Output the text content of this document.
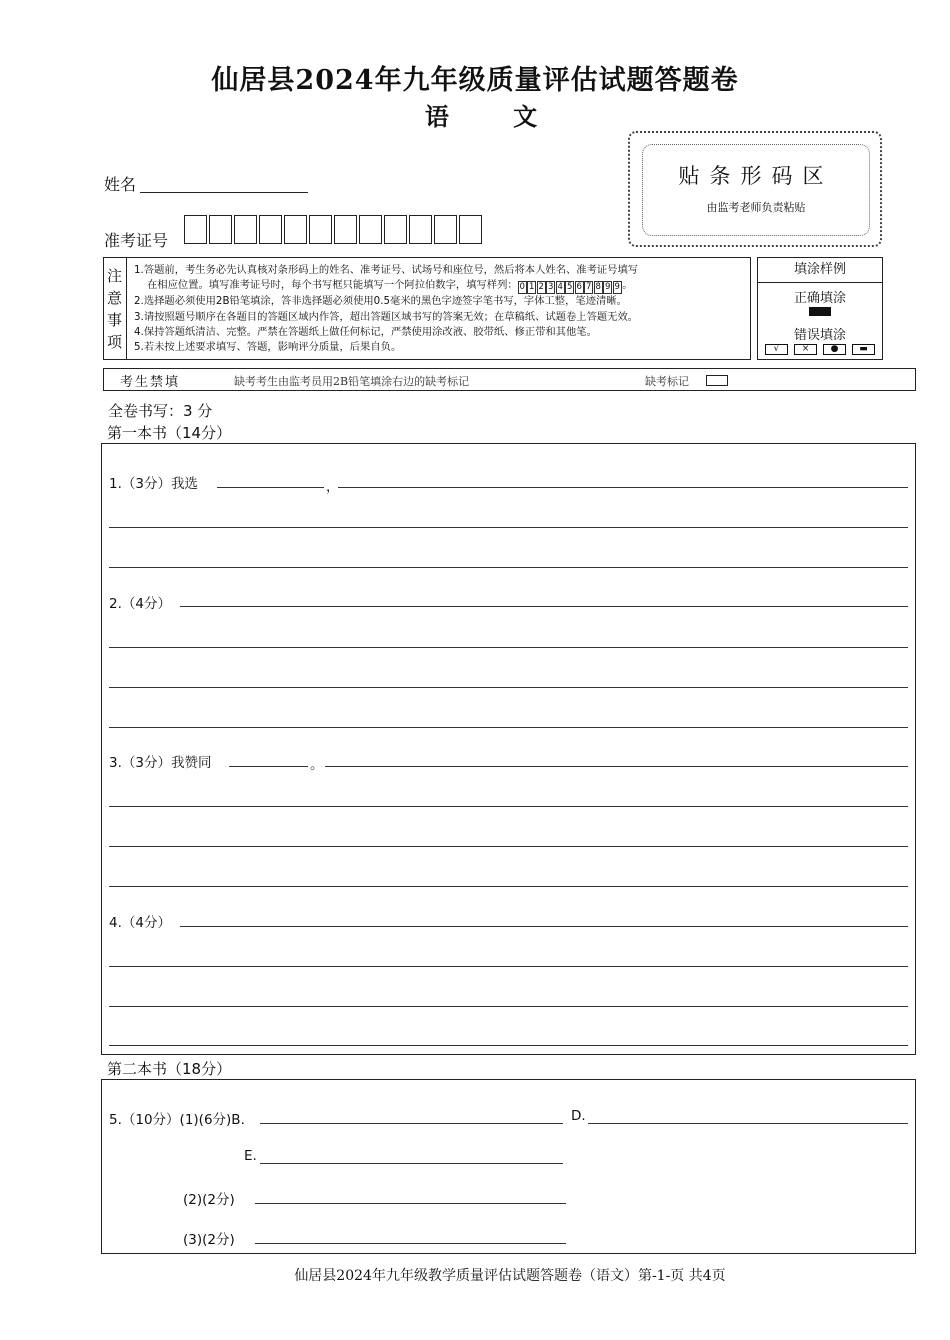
仙居县2024年九年级质量评估试题答题卷
语 文
贴条形码区
由监考老师负责粘贴
姓名
准考证号
注
意
事
项
1.答题前，考生务必先认真核对条形码上的姓名、准考证号、试场号和座位号，然后将本人姓名、准考证号填写
在相应位置。填写准考证号时，每个书写框只能填写一个阿拉伯数字，填写样列： 0 1 2 3 4 5 6 7 8 9 9 。
2.选择题必须使用2B铅笔填涂，答非选择题必须使用0.5毫米的黑色字迹签字笔书写，字体工整，笔迹清晰。
3.请按照题号顺序在各题目的答题区域内作答，超出答题区域书写的答案无效；在草稿纸、试题卷上答题无效。
4.保持答题纸清洁、完整。严禁在答题纸上做任何标记，严禁使用涂改液、胶带纸、修正带和其他笔。
5.若未按上述要求填写、答题，影响评分质量，后果自负。
填涂样例
正确填涂
错误填涂
√	×	●	▬
考生禁填	缺考考生由监考员用2B铅笔填涂右边的缺考标记	缺考标记
全卷书写：3 分
第一本书（14分）
1.（3分）我选	，
2.（4分）
3.（3分）我赞同	。
4.（4分）
第二本书（18分）
5.（10分）(1)(6分)B.	D.
E.
(2)(2分)
(3)(2分)
仙居县2024年九年级教学质量评估试题答题卷（语文）第-1-页 共4页
